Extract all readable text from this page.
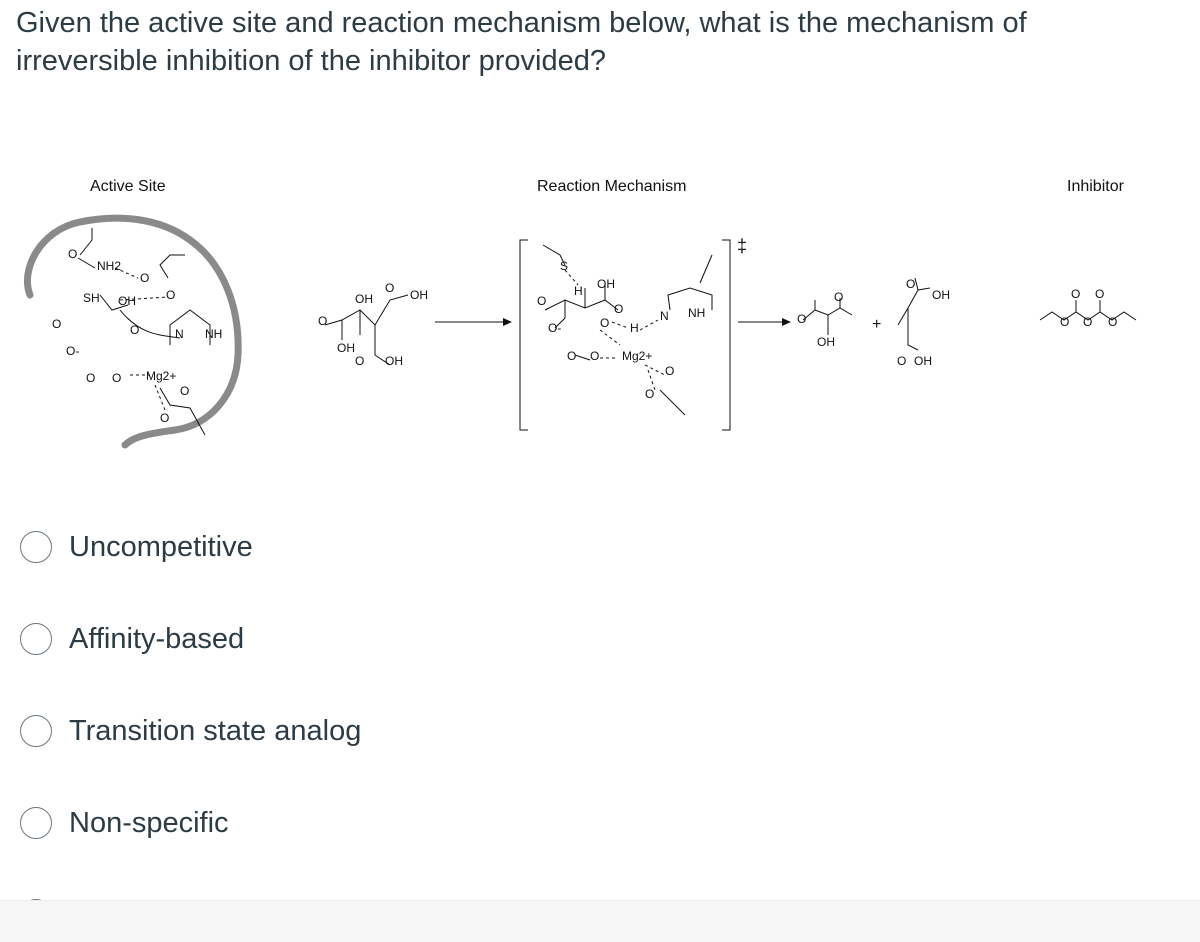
Given the active site and reaction mechanism below, what is the mechanism of irreversible inhibition of the inhibitor provided?
Active Site	Reaction Mechanism	Inhibitor
O
NH2
O
SH OH	O
O	O	N NH
O-
O O Mg2+
O
O
O
OH	OH
O
OH
O OH
S
H OH
O
O
O-	O H
N NH
O O Mg2+
O
O
‡
O
O
OH
+
O
OH
O OH
O
O
O
O
O
Uncompetitive
Affinity-based
Transition state analog
Non-specific
